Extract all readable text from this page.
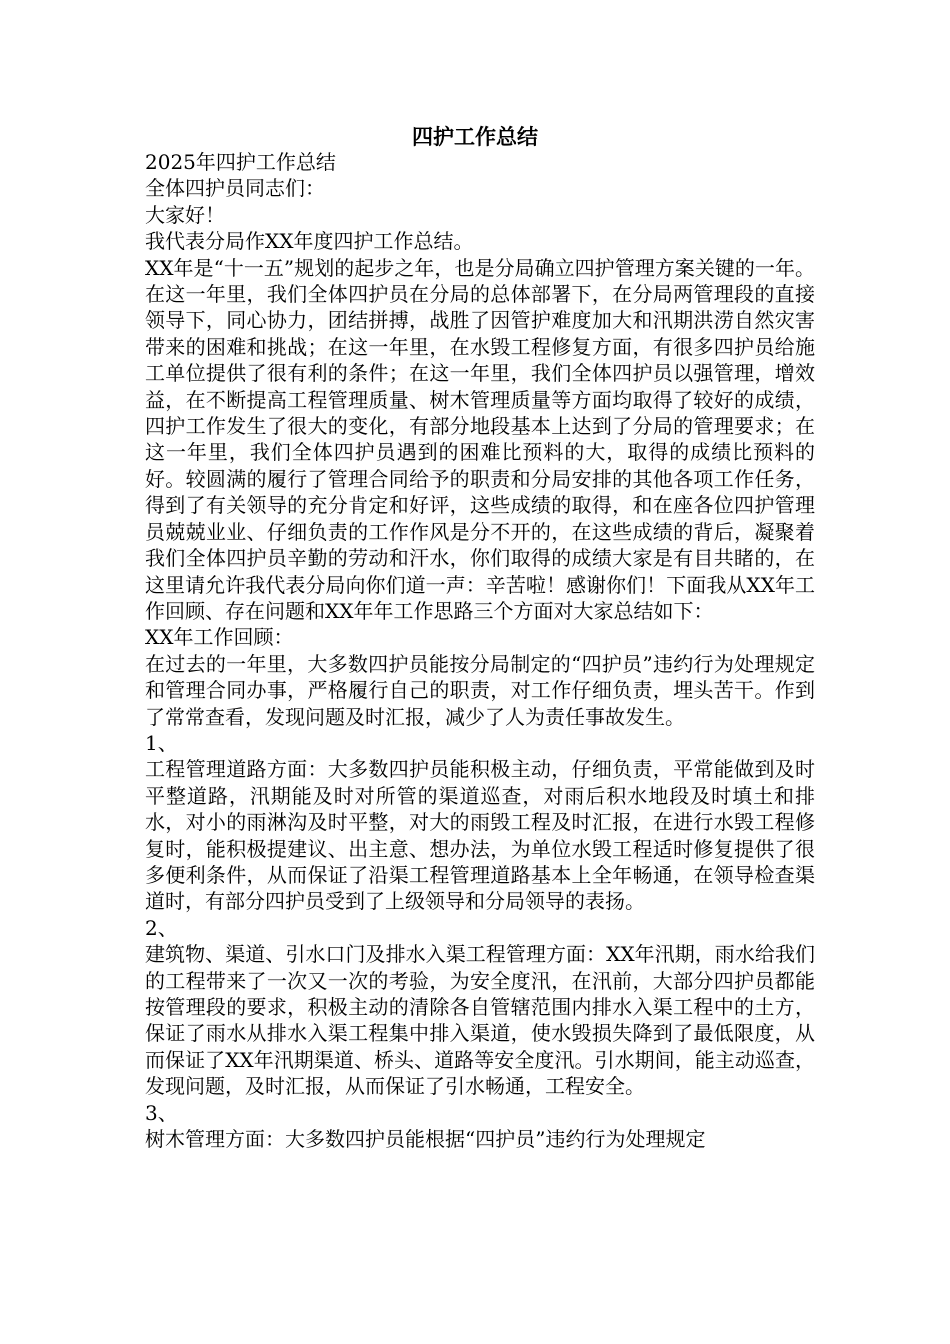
四护工作总结

2025年四护工作总结

全体四护员同志们：

大家好！

我代表分局作XX年度四护工作总结。

XX年是“十一五”规划的起步之年，也是分局确立四护管理方案关键的一年。在这一年里，我们全体四护员在分局的总体部署下，在分局两管理段的直接领导下，同心协力，团结拼搏，战胜了因管护难度加大和汛期洪涝自然灾害带来的困难和挑战；在这一年里，在水毁工程修复方面，有很多四护员给施工单位提供了很有利的条件；在这一年里，我们全体四护员以强管理，增效益，在不断提高工程管理质量、树木管理质量等方面均取得了较好的成绩，四护工作发生了很大的变化，有部分地段基本上达到了分局的管理要求；在这一年里，我们全体四护员遇到的困难比预料的大，取得的成绩比预料的好。较圆满的履行了管理合同给予的职责和分局安排的其他各项工作任务，得到了有关领导的充分肯定和好评，这些成绩的取得，和在座各位四护管理员兢兢业业、仔细负责的工作作风是分不开的，在这些成绩的背后，凝聚着我们全体四护员辛勤的劳动和汗水，你们取得的成绩大家是有目共睹的，在这里请允许我代表分局向你们道一声：辛苦啦！感谢你们！下面我从XX年工作回顾、存在问题和XX年年工作思路三个方面对大家总结如下：

XX年工作回顾：

在过去的一年里，大多数四护员能按分局制定的“四护员”违约行为处理规定和管理合同办事，严格履行自己的职责，对工作仔细负责，埋头苦干。作到了常常查看，发现问题及时汇报，减少了人为责任事故发生。

1、

工程管理道路方面：大多数四护员能积极主动，仔细负责，平常能做到及时平整道路，汛期能及时对所管的渠道巡查，对雨后积水地段及时填土和排水，对小的雨淋沟及时平整，对大的雨毁工程及时汇报，在进行水毁工程修复时，能积极提建议、出主意、想办法，为单位水毁工程适时修复提供了很多便利条件，从而保证了沿渠工程管理道路基本上全年畅通，在领导检查渠道时，有部分四护员受到了上级领导和分局领导的表扬。

2、

建筑物、渠道、引水口门及排水入渠工程管理方面：XX年汛期，雨水给我们的工程带来了一次又一次的考验，为安全度汛，在汛前，大部分四护员都能按管理段的要求，积极主动的清除各自管辖范围内排水入渠工程中的土方，保证了雨水从排水入渠工程集中排入渠道，使水毁损失降到了最低限度，从而保证了XX年汛期渠道、桥头、道路等安全度汛。引水期间，能主动巡查，发现问题，及时汇报，从而保证了引水畅通，工程安全。

3、

树木管理方面：大多数四护员能根据“四护员”违约行为处理规定
